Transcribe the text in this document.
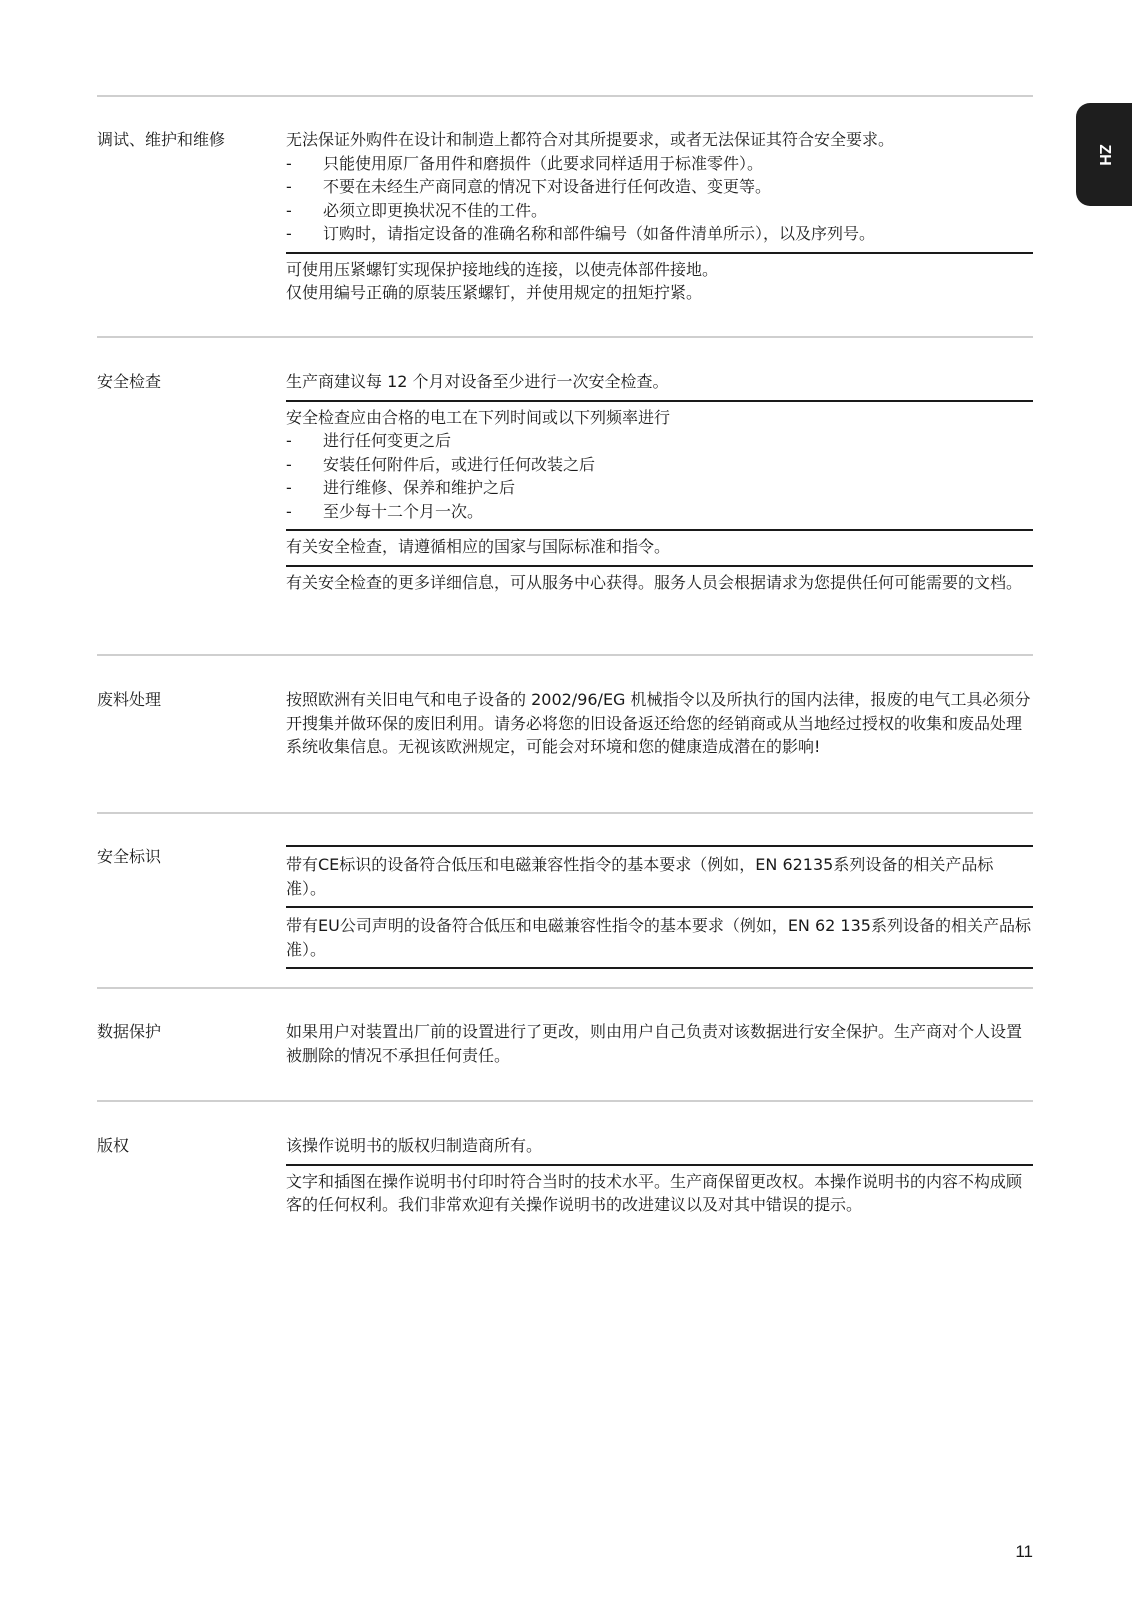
ZH
调试、维护和维修	无法保证外购件在设计和制造上都符合对其所提要求，或者无法保证其符合安全要求。
- 只能使用原厂备用件和磨损件（此要求同样适用于标准零件）。
- 不要在未经生产商同意的情况下对设备进行任何改造、变更等。
- 必须立即更换状况不佳的工件。
- 订购时，请指定设备的准确名称和部件编号（如备件清单所示），以及序列号。
可使用压紧螺钉实现保护接地线的连接，以使壳体部件接地。
仅使用编号正确的原装压紧螺钉，并使用规定的扭矩拧紧。
安全检查	生产商建议每 12 个月对设备至少进行一次安全检查。
安全检查应由合格的电工在下列时间或以下列频率进行
- 进行任何变更之后
- 安装任何附件后，或进行任何改装之后
- 进行维修、保养和维护之后
- 至少每十二个月一次。
有关安全检查，请遵循相应的国家与国际标准和指令。
有关安全检查的更多详细信息，可从服务中心获得。服务人员会根据请求为您提供任何可能需要的文档。
废料处理	按照欧洲有关旧电气和电子设备的 2002/96/EG 机械指令以及所执行的国内法律，报废的电气工具必须分开搜集并做环保的废旧利用。请务必将您的旧设备返还给您的经销商或从当地经过授权的收集和废品处理系统收集信息。无视该欧洲规定，可能会对环境和您的健康造成潜在的影响!
安全标识	带有CE标识的设备符合低压和电磁兼容性指令的基本要求（例如，EN 62135系列设备的相关产品标准）。
带有EU公司声明的设备符合低压和电磁兼容性指令的基本要求（例如，EN 62 135系列设备的相关产品标准）。
数据保护	如果用户对装置出厂前的设置进行了更改，则由用户自己负责对该数据进行安全保护。生产商对个人设置被删除的情况不承担任何责任。
版权	该操作说明书的版权归制造商所有。
文字和插图在操作说明书付印时符合当时的技术水平。生产商保留更改权。本操作说明书的内容不构成顾客的任何权利。我们非常欢迎有关操作说明书的改进建议以及对其中错误的提示。
11
